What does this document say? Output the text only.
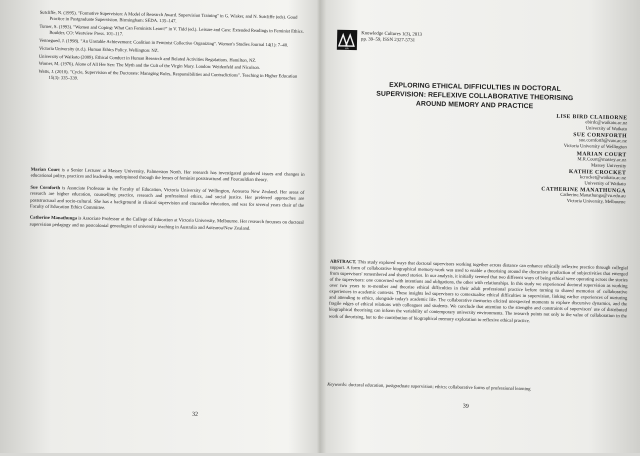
Sutcliffe, N. (1995). "Formative Supervision: A Model of Research Award. Supervision Training" in G. Wisker, and N. Sutcliffe (eds). Good Practice in Postgraduate Supervision. Birmingham: SEDA. 135–147.

Turner, S. (1993). "Women and Coping: What Can Feminists Learn?" in V. Tidd (ed.). Leisure and Care: Extended Readings in Feminist Ethics. Boulder, CO: Westview Press. 101–117.

Vennegoed, J. (1998). "An Unstable Achievement: Coalition in Feminist Collective Organizing". Women's Studies Journal 14(1): 7–40.

Victoria University (n.d.). Human Ethics Policy. Wellington: NZ.

University of Waikato (2009). Ethical Conduct in Human Research and Related Activities Regulations. Hamilton, NZ.

Warner, M. (1976). Alone of All Her Sex: The Myth and the Cult of the Virgin Mary. London: Weidenfeld and Nicolson.

Watts, J. (2010). "Cycle, Supervision of the Doctorate: Managing Roles, Responsibilities and Contradictions". Teaching in Higher Education 15(3): 335–339.

Marian Court is a Senior Lecturer at Massey University, Palmerston North. Her research has investigated gendered issues and changes in educational policy, practices and leadership, underpinned through the lenses of feminist poststructural and Foucauldian theory.

Sue Cornforth is Associate Professor in the Faculty of Education, Victoria University of Wellington, Aotearoa New Zealand. Her areas of research are higher education, counselling practice, research and professional ethics, and social justice. Her preferred approaches are poststructural and socio-cultural. She has a background in clinical supervision and counsellor education, and was for several years chair of the Faculty of Education Ethics Committee.

Catherine Manathunga is Associate Professor at the College of Education at Victoria University, Melbourne. Her research focusses on doctoral supervision pedagogy and on postcolonial genealogies of university teaching in Australia and Aotearoa/New Zealand.

32
AA
Knowledge Cultures 1(3), 2013
pp. 39–59, ISSN 2327-5731
EXPLORING ETHICAL DIFFICULTIES IN DOCTORAL
SUPERVISION: REFLEXIVE COLLABORATIVE THEORISING
AROUND MEMORY AND PRACTICE
LISE BIRD CLAIBORNE
ebirdc@waikato.ac.nz
University of Waikato
SUE CORNFORTH
sue.cornforth@vuw.ac.nz
Victoria University of Wellington
MARIAN COURT
M.R.Court@massey.ac.nz
Massey University
KATHIE CROCKET
kcrocket@waikato.ac.nz
University of Waikato
CATHERINE MANATHUNGA
Catherine.Manathunga@vu.edu.au
Victoria University, Melbourne

ABSTRACT. This study explored ways that doctoral supervisors working together across distance can enhance ethically reflexive practice through collegial support. A form of collaborative biographical memory-work was used to enable a theorising around the discursive production of subjectivities that emerged from supervisors' remembered and shared stories. In our analysis, it initially seemed that two different ways of being ethical were operating across the stories of the supervisors: one concerned with intentions and obligations, the other with relationships. In this study we experienced doctoral supervision as working over two years to re-member and theorise ethical difficulties in their adult professional practice before turning to shared memories of collaborative experiences in academic contexts. These insights led supervisors to contextualise ethical difficulties in supervision, linking earlier experiences of nurturing and attending to ethics, alongside today's academic life. The collaborative memories elicited unexpected moments to explore discursive dynamics, and the fragile edges of ethical relations with colleagues and students. We conclude that attention to the strengths and constraints of supervisors' use of distributed biographical theorising can inform the variability of contemporary university environments. The research points not only to the value of collaboration in the work of theorising, but to the contribution of biographical memory exploration to reflexive ethical practice.

Keywords: doctoral education, postgraduate supervision; ethics; collaborative forms of professional learning

39
